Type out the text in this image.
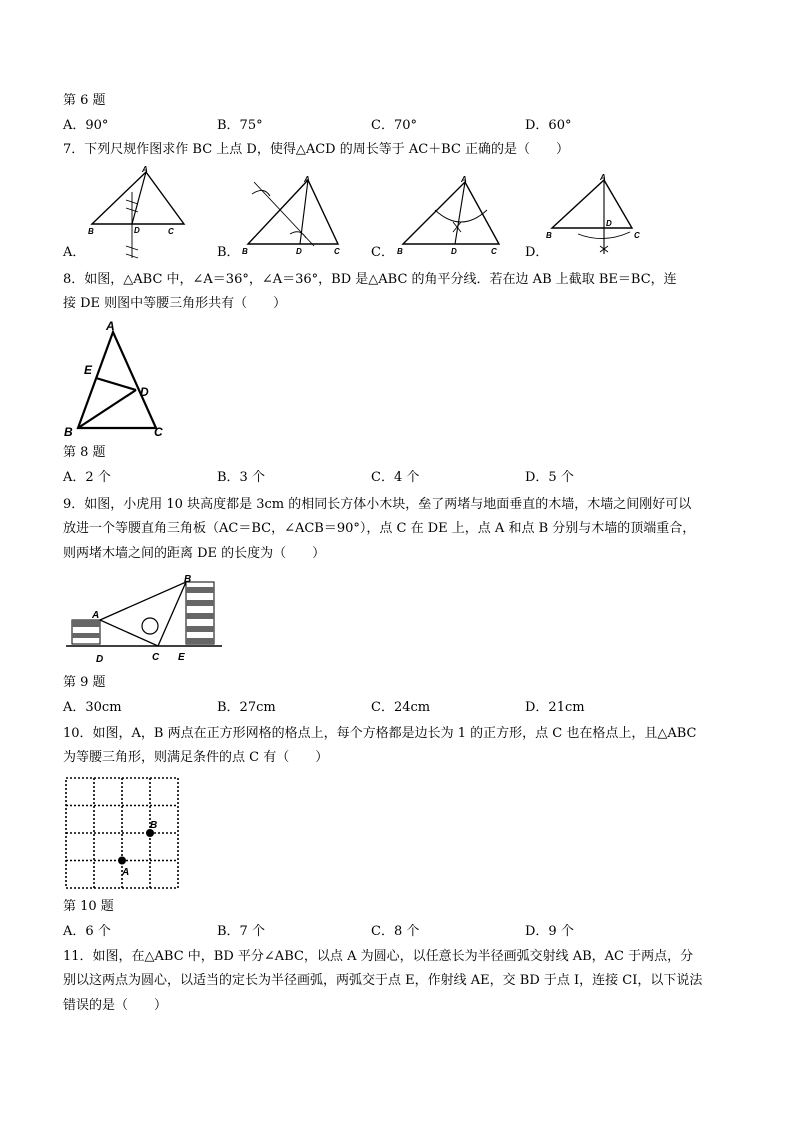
第 6 题
A．90°	B．75°	C．70°	D．60°
7．下列尺规作图求作 BC 上点 D，使得△ACD 的周长等于 AC＋BC 正确的是（　　）
A
B	D	C
A．
A
B	D	C
B．
A
B	D	C
C．
A
B
D
C
D．
8．如图，△ABC 中，∠A＝36°，∠A＝36°，BD 是△ABC 的角平分线．若在边 AB 上截取 BE＝BC，连
接 DE 则图中等腰三角形共有（　　）
A
B	C
D
E
第 8 题
A．2 个	B．3 个	C．4 个	D．5 个
9．如图，小虎用 10 块高度都是 3cm 的相同长方体小木块，垒了两堵与地面垂直的木墙，木墙之间刚好可以
放进一个等腰直角三角板（AC＝BC，∠ACB＝90°），点 C 在 DE 上，点 A 和点 B 分别与木墙的顶端重合，
则两堵木墙之间的距离 DE 的长度为（　　）
A
B
C
D	E
第 9 题
A．30cm	B．27cm	C．24cm	D．21cm
10．如图，A，B 两点在正方形网格的格点上，每个方格都是边长为 1 的正方形，点 C 也在格点上，且△ABC
为等腰三角形，则满足条件的点 C 有（　　）
A
B
第 10 题
A．6 个	B．7 个	C．8 个	D．9 个
11．如图，在△ABC 中，BD 平分∠ABC，以点 A 为圆心，以任意长为半径画弧交射线 AB，AC 于两点，分
别以这两点为圆心，以适当的定长为半径画弧，两弧交于点 E，作射线 AE，交 BD 于点 I，连接 CI，以下说法
错误的是（　　）
